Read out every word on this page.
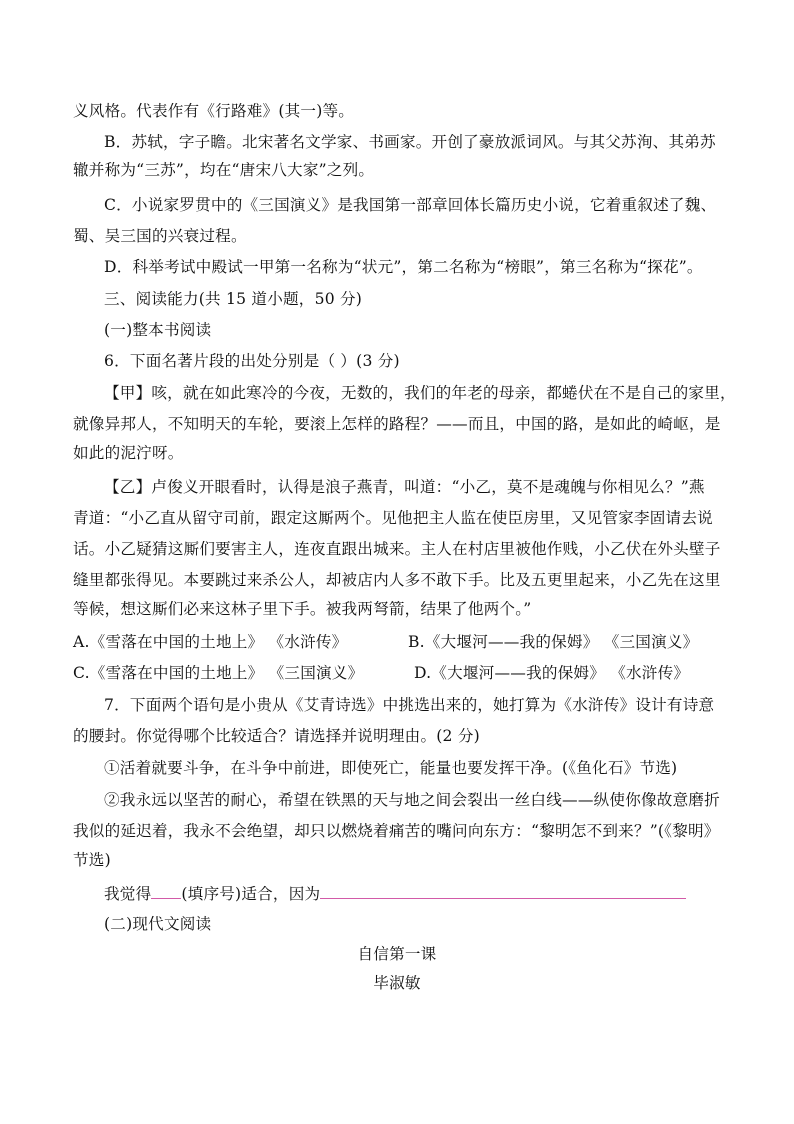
义风格。代表作有《行路难》(其一)等。
B．苏轼，字子瞻。北宋著名文学家、书画家。开创了豪放派词风。与其父苏洵、其弟苏
辙并称为“三苏”，均在“唐宋八大家”之列。
C．小说家罗贯中的《三国演义》是我国第一部章回体长篇历史小说，它着重叙述了魏、
蜀、吴三国的兴衰过程。
D．科举考试中殿试一甲第一名称为“状元”，第二名称为“榜眼”，第三名称为“探花”。
三、阅读能力(共 15 道小题，50 分)
(一)整本书阅读
6．下面名著片段的出处分别是（ ）(3 分)
【甲】咳，就在如此寒冷的今夜，无数的，我们的年老的母亲，都蜷伏在不是自己的家里，
就像异邦人，不知明天的车轮，要滚上怎样的路程？——而且，中国的路，是如此的崎岖，是
如此的泥泞呀。
【乙】卢俊义开眼看时，认得是浪子燕青，叫道：“小乙，莫不是魂魄与你相见么？”燕
青道：“小乙直从留守司前，跟定这厮两个。见他把主人监在使臣房里，又见管家李固请去说
话。小乙疑猜这厮们要害主人，连夜直跟出城来。主人在村店里被他作贱，小乙伏在外头壁子
缝里都张得见。本要跳过来杀公人，却被店内人多不敢下手。比及五更里起来，小乙先在这里
等候，想这厮们必来这林子里下手。被我两弩箭，结果了他两个。”
A.《雪落在中国的土地上》 《水浒传》	B.《大堰河——我的保姆》 《三国演义》
C.《雪落在中国的土地上》 《三国演义》	D.《大堰河——我的保姆》 《水浒传》
7．下面两个语句是小贵从《艾青诗选》中挑选出来的，她打算为《水浒传》设计有诗意
的腰封。你觉得哪个比较适合？请选择并说明理由。(2 分)
①活着就要斗争，在斗争中前进，即使死亡，能量也要发挥干净。(《鱼化石》节选)
②我永远以坚苦的耐心，希望在铁黑的天与地之间会裂出一丝白线——纵使你像故意磨折
我似的延迟着，我永不会绝望，却只以燃烧着痛苦的嘴问向东方：“黎明怎不到来？”(《黎明》
节选)
我觉得 (填序号)适合，因为
(二)现代文阅读
自信第一课
毕淑敏
